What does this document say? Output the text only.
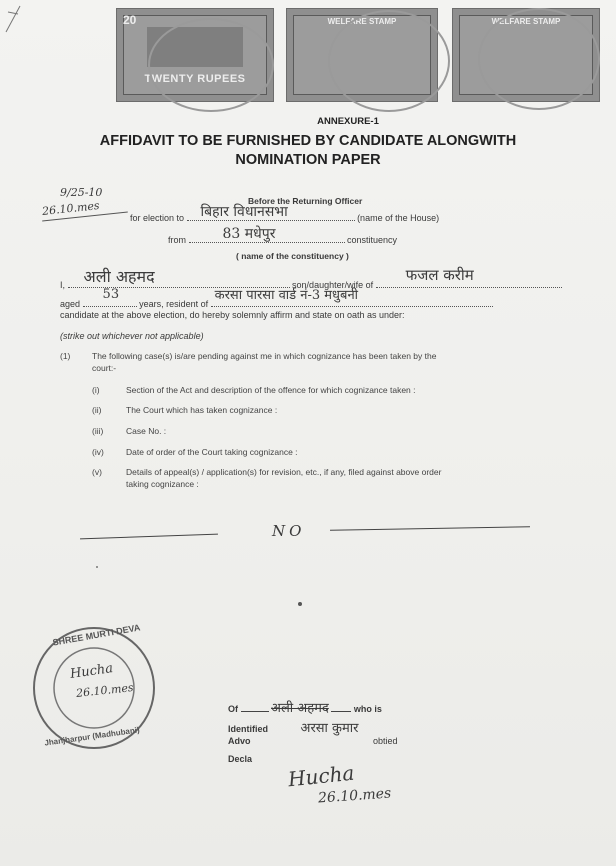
20
TWENTY RUPEES
WELFARE STAMP	WELFARE STAMP
ANNEXURE-1
AFFIDAVIT TO BE FURNISHED BY CANDIDATE ALONGWITH
NOMINATION PAPER
9/25-10
26.10.mes	Before the Returning Officer
for election to बिहार विधानसभा	(name of the House)
from	83 मधेपुर	constituency
( name of the constituency )
I, अली अहमद	son/daughter/wife of
फजल करीम
aged
53
years, resident of
करसा पारसा वार्ड नं-3 मधुबनी
candidate at the above election, do hereby solemnly affirm and state on oath as under:
(strike out whichever not applicable)
(1)	The following case(s) is/are pending against me in which cognizance has been taken by the
court:-
(i)	Section of the Act and description of the offence for which cognizance taken :
(ii)	The Court which has taken cognizance :
(iii)	Case No. :
(iv)	Date of order of the Court taking cognizance :
(v)	Details of appeal(s) / application(s) for revision, etc., if any, filed against above order
taking cognizance :
NO
SHREE MURTI DEVA
Jhanjharpur (Madhubani)
Hucha
26.10.mes
Of	अली अहमद	who is
Identified	अरसा कुमार
Advo	obtied
Decla
Hucha
26.10.mes
